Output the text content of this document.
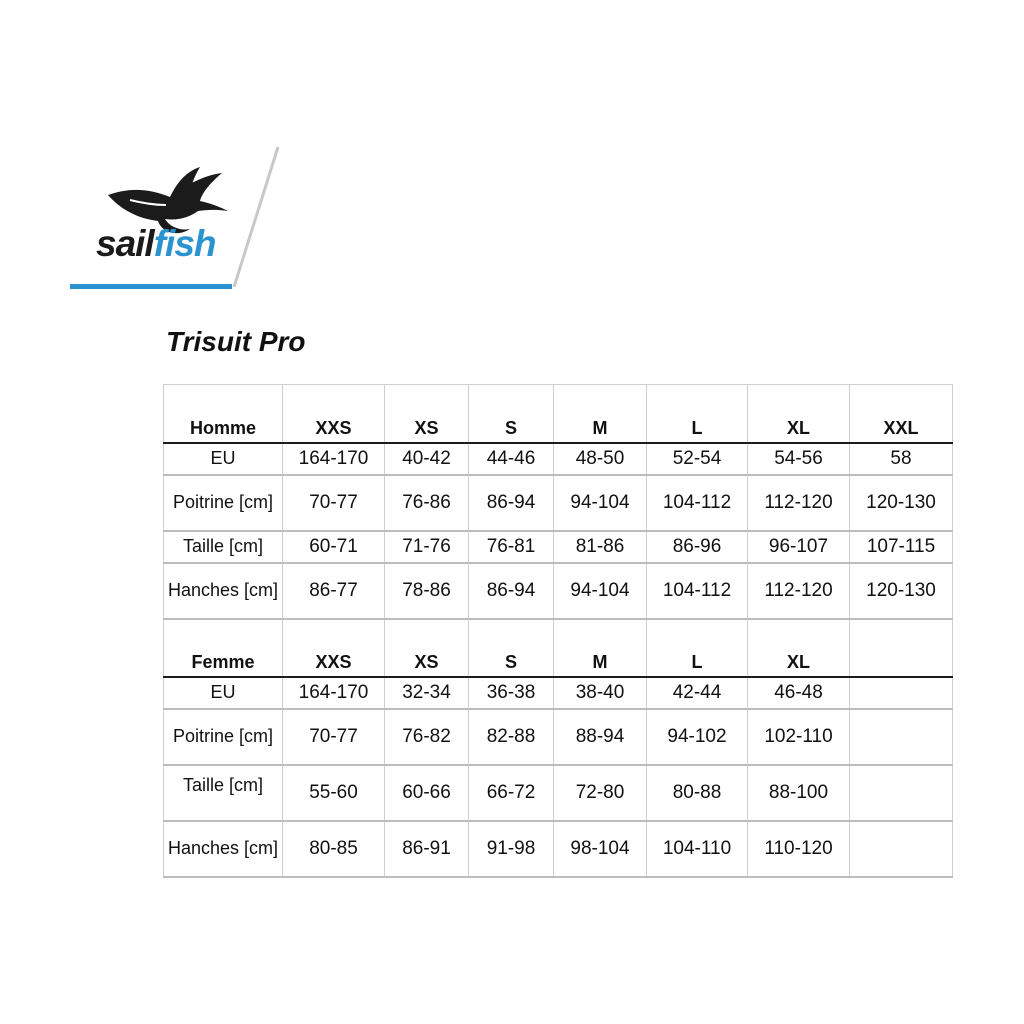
sailfish
Trisuit Pro
Homme	XXS	XS	S	M	L	XL	XXL
EU	164-170	40-42	44-46	48-50	52-54	54-56	58
Poitrine [cm]	70-77	76-86	86-94	94-104	104-112	112-120	120-130
Taille [cm]	60-71	71-76	76-81	81-86	86-96	96-107	107-115
Hanches [cm]	86-77	78-86	86-94	94-104	104-112	112-120	120-130
Femme	XXS	XS	S	M	L	XL	
EU	164-170	32-34	36-38	38-40	42-44	46-48	
Poitrine [cm]	70-77	76-82	82-88	88-94	94-102	102-110	
Taille [cm]	55-60	60-66	66-72	72-80	80-88	88-100	
Hanches [cm]	80-85	86-91	91-98	98-104	104-110	110-120	
